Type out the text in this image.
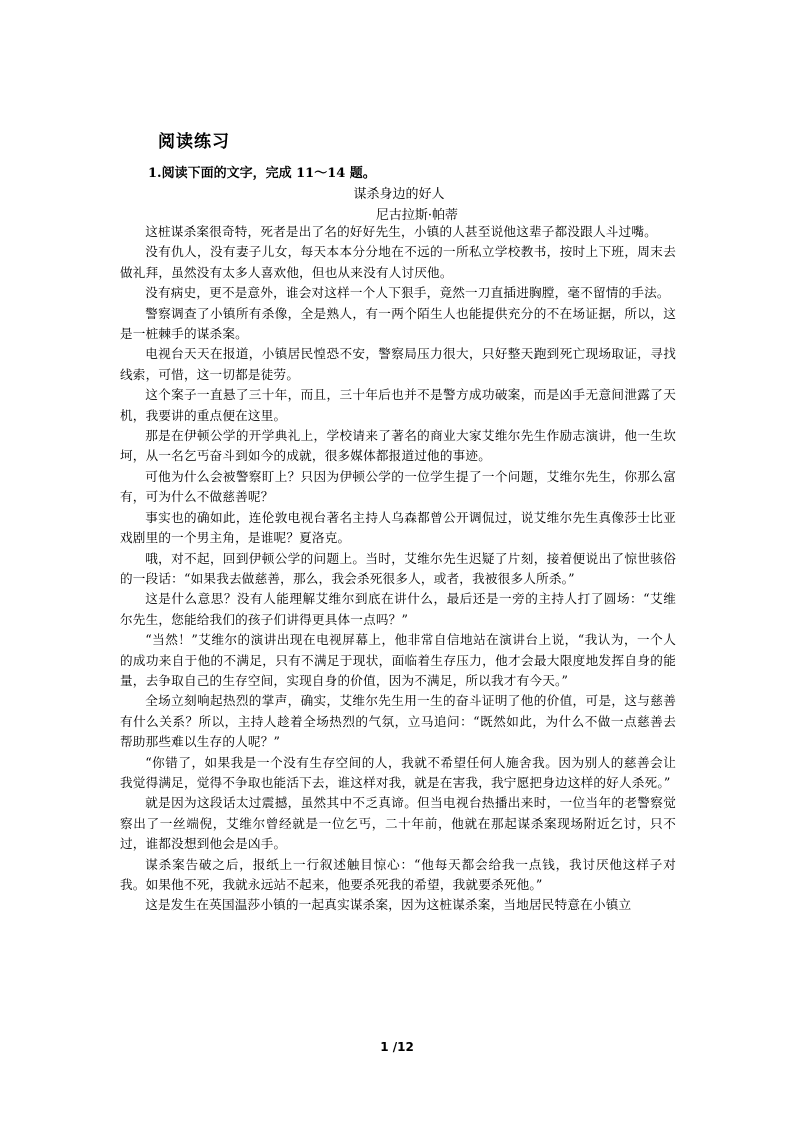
阅读练习
1.阅读下面的文字，完成 11～14 题。
谋杀身边的好人
尼古拉斯·帕蒂

这桩谋杀案很奇特，死者是出了名的好好先生，小镇的人甚至说他这辈子都没跟人斗过嘴。

没有仇人，没有妻子儿女，每天本本分分地在不远的一所私立学校教书，按时上下班，周末去做礼拜，虽然没有太多人喜欢他，但也从来没有人讨厌他。

没有病史，更不是意外，谁会对这样一个人下狠手，竟然一刀直插进胸膛，毫不留情的手法。

警察调查了小镇所有杀像，全是熟人，有一两个陌生人也能提供充分的不在场证据，所以，这是一桩棘手的谋杀案。

电视台天天在报道，小镇居民惶恐不安，警察局压力很大，只好整天跑到死亡现场取证，寻找线索，可惜，这一切都是徒劳。

这个案子一直悬了三十年，而且，三十年后也并不是警方成功破案，而是凶手无意间泄露了天机，我要讲的重点便在这里。

那是在伊顿公学的开学典礼上，学校请来了著名的商业大家艾维尔先生作励志演讲，他一生坎坷，从一名乞丐奋斗到如今的成就，很多媒体都报道过他的事迹。

可他为什么会被警察盯上？只因为伊顿公学的一位学生提了一个问题，艾维尔先生，你那么富有，可为什么不做慈善呢？

事实也的确如此，连伦敦电视台著名主持人乌森都曾公开调侃过，说艾维尔先生真像莎士比亚戏剧里的一个男主角，是谁呢？夏洛克。

哦，对不起，回到伊顿公学的问题上。当时，艾维尔先生迟疑了片刻，接着便说出了惊世骇俗的一段话：“如果我去做慈善，那么，我会杀死很多人，或者，我被很多人所杀。”

这是什么意思？没有人能理解艾维尔到底在讲什么，最后还是一旁的主持人打了圆场：“艾维尔先生，您能给我们的孩子们讲得更具体一点吗？”

“当然！”艾维尔的演讲出现在电视屏幕上，他非常自信地站在演讲台上说，“我认为，一个人的成功来自于他的不满足，只有不满足于现状，面临着生存压力，他才会最大限度地发挥自身的能量，去争取自己的生存空间，实现自身的价值，因为不满足，所以我才有今天。”

全场立刻响起热烈的掌声，确实，艾维尔先生用一生的奋斗证明了他的价值，可是，这与慈善有什么关系？所以，主持人趁着全场热烈的气氛，立马追问：“既然如此，为什么不做一点慈善去帮助那些难以生存的人呢？”

“你错了，如果我是一个没有生存空间的人，我就不希望任何人施舍我。因为别人的慈善会让我觉得满足，觉得不争取也能活下去，谁这样对我，就是在害我，我宁愿把身边这样的好人杀死。”

就是因为这段话太过震撼，虽然其中不乏真谛。但当电视台热播出来时，一位当年的老警察觉察出了一丝端倪，艾维尔曾经就是一位乞丐，二十年前，他就在那起谋杀案现场附近乞讨，只不过，谁都没想到他会是凶手。

谋杀案告破之后，报纸上一行叙述触目惊心：“他每天都会给我一点钱，我讨厌他这样子对我。如果他不死，我就永远站不起来，他要杀死我的希望，我就要杀死他。”

这是发生在英国温莎小镇的一起真实谋杀案，因为这桩谋杀案，当地居民特意在小镇立

1 /12
